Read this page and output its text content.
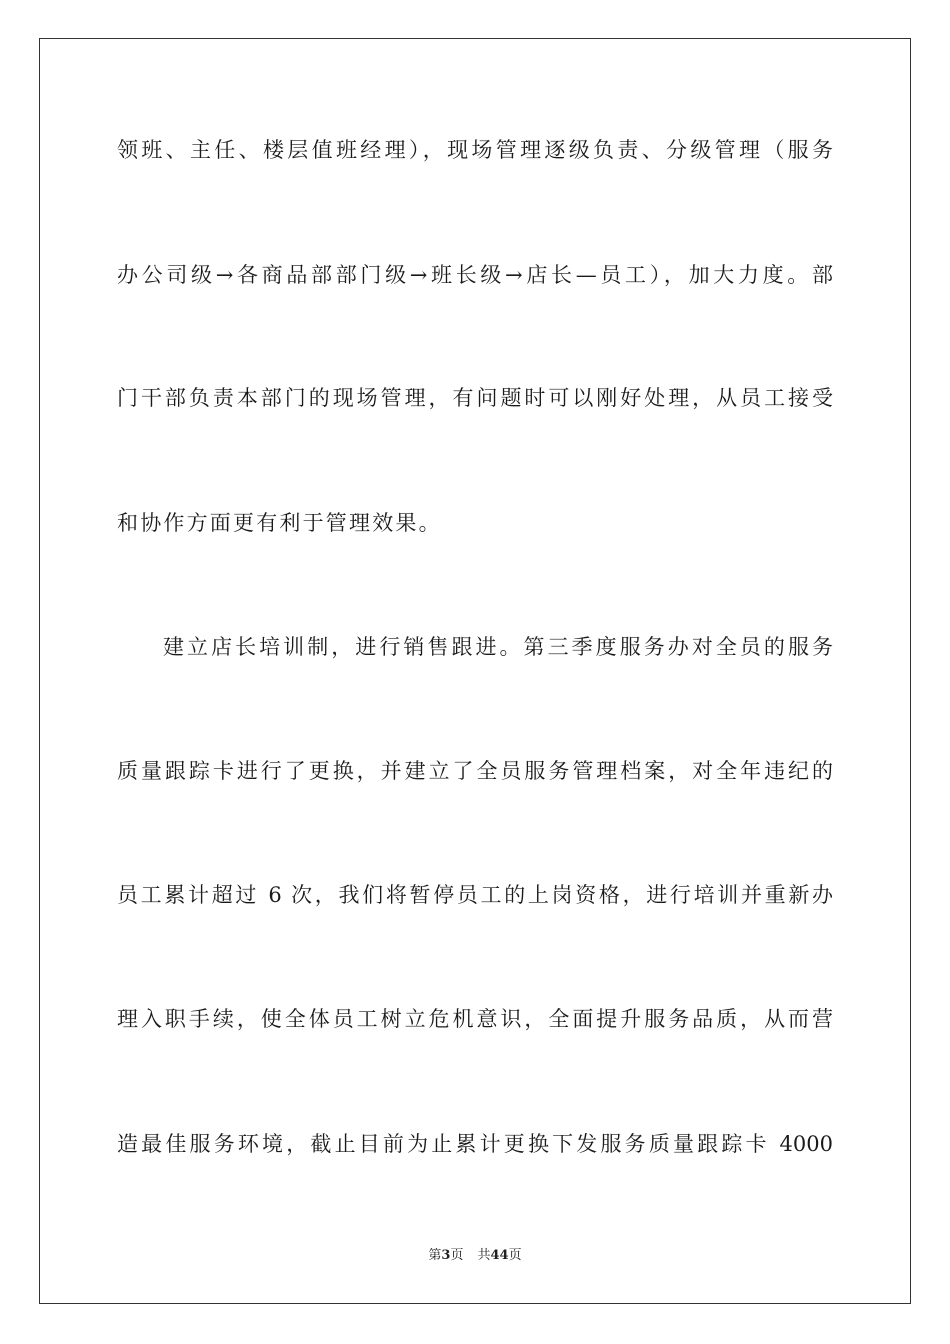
领班、主任、楼层值班经理），现场管理逐级负责、分级管理（服务
办公司级→各商品部部门级→班长级→店长—员工），加大力度。部
门干部负责本部门的现场管理，有问题时可以刚好处理，从员工接受
和协作方面更有利于管理效果。
建立店长培训制，进行销售跟进。第三季度服务办对全员的服务
质量跟踪卡进行了更换，并建立了全员服务管理档案，对全年违纪的
员工累计超过 6 次，我们将暂停员工的上岗资格，进行培训并重新办
理入职手续，使全体员工树立危机意识，全面提升服务品质，从而营
造最佳服务环境，截止目前为止累计更换下发服务质量跟踪卡 4000
第3页 共44页
